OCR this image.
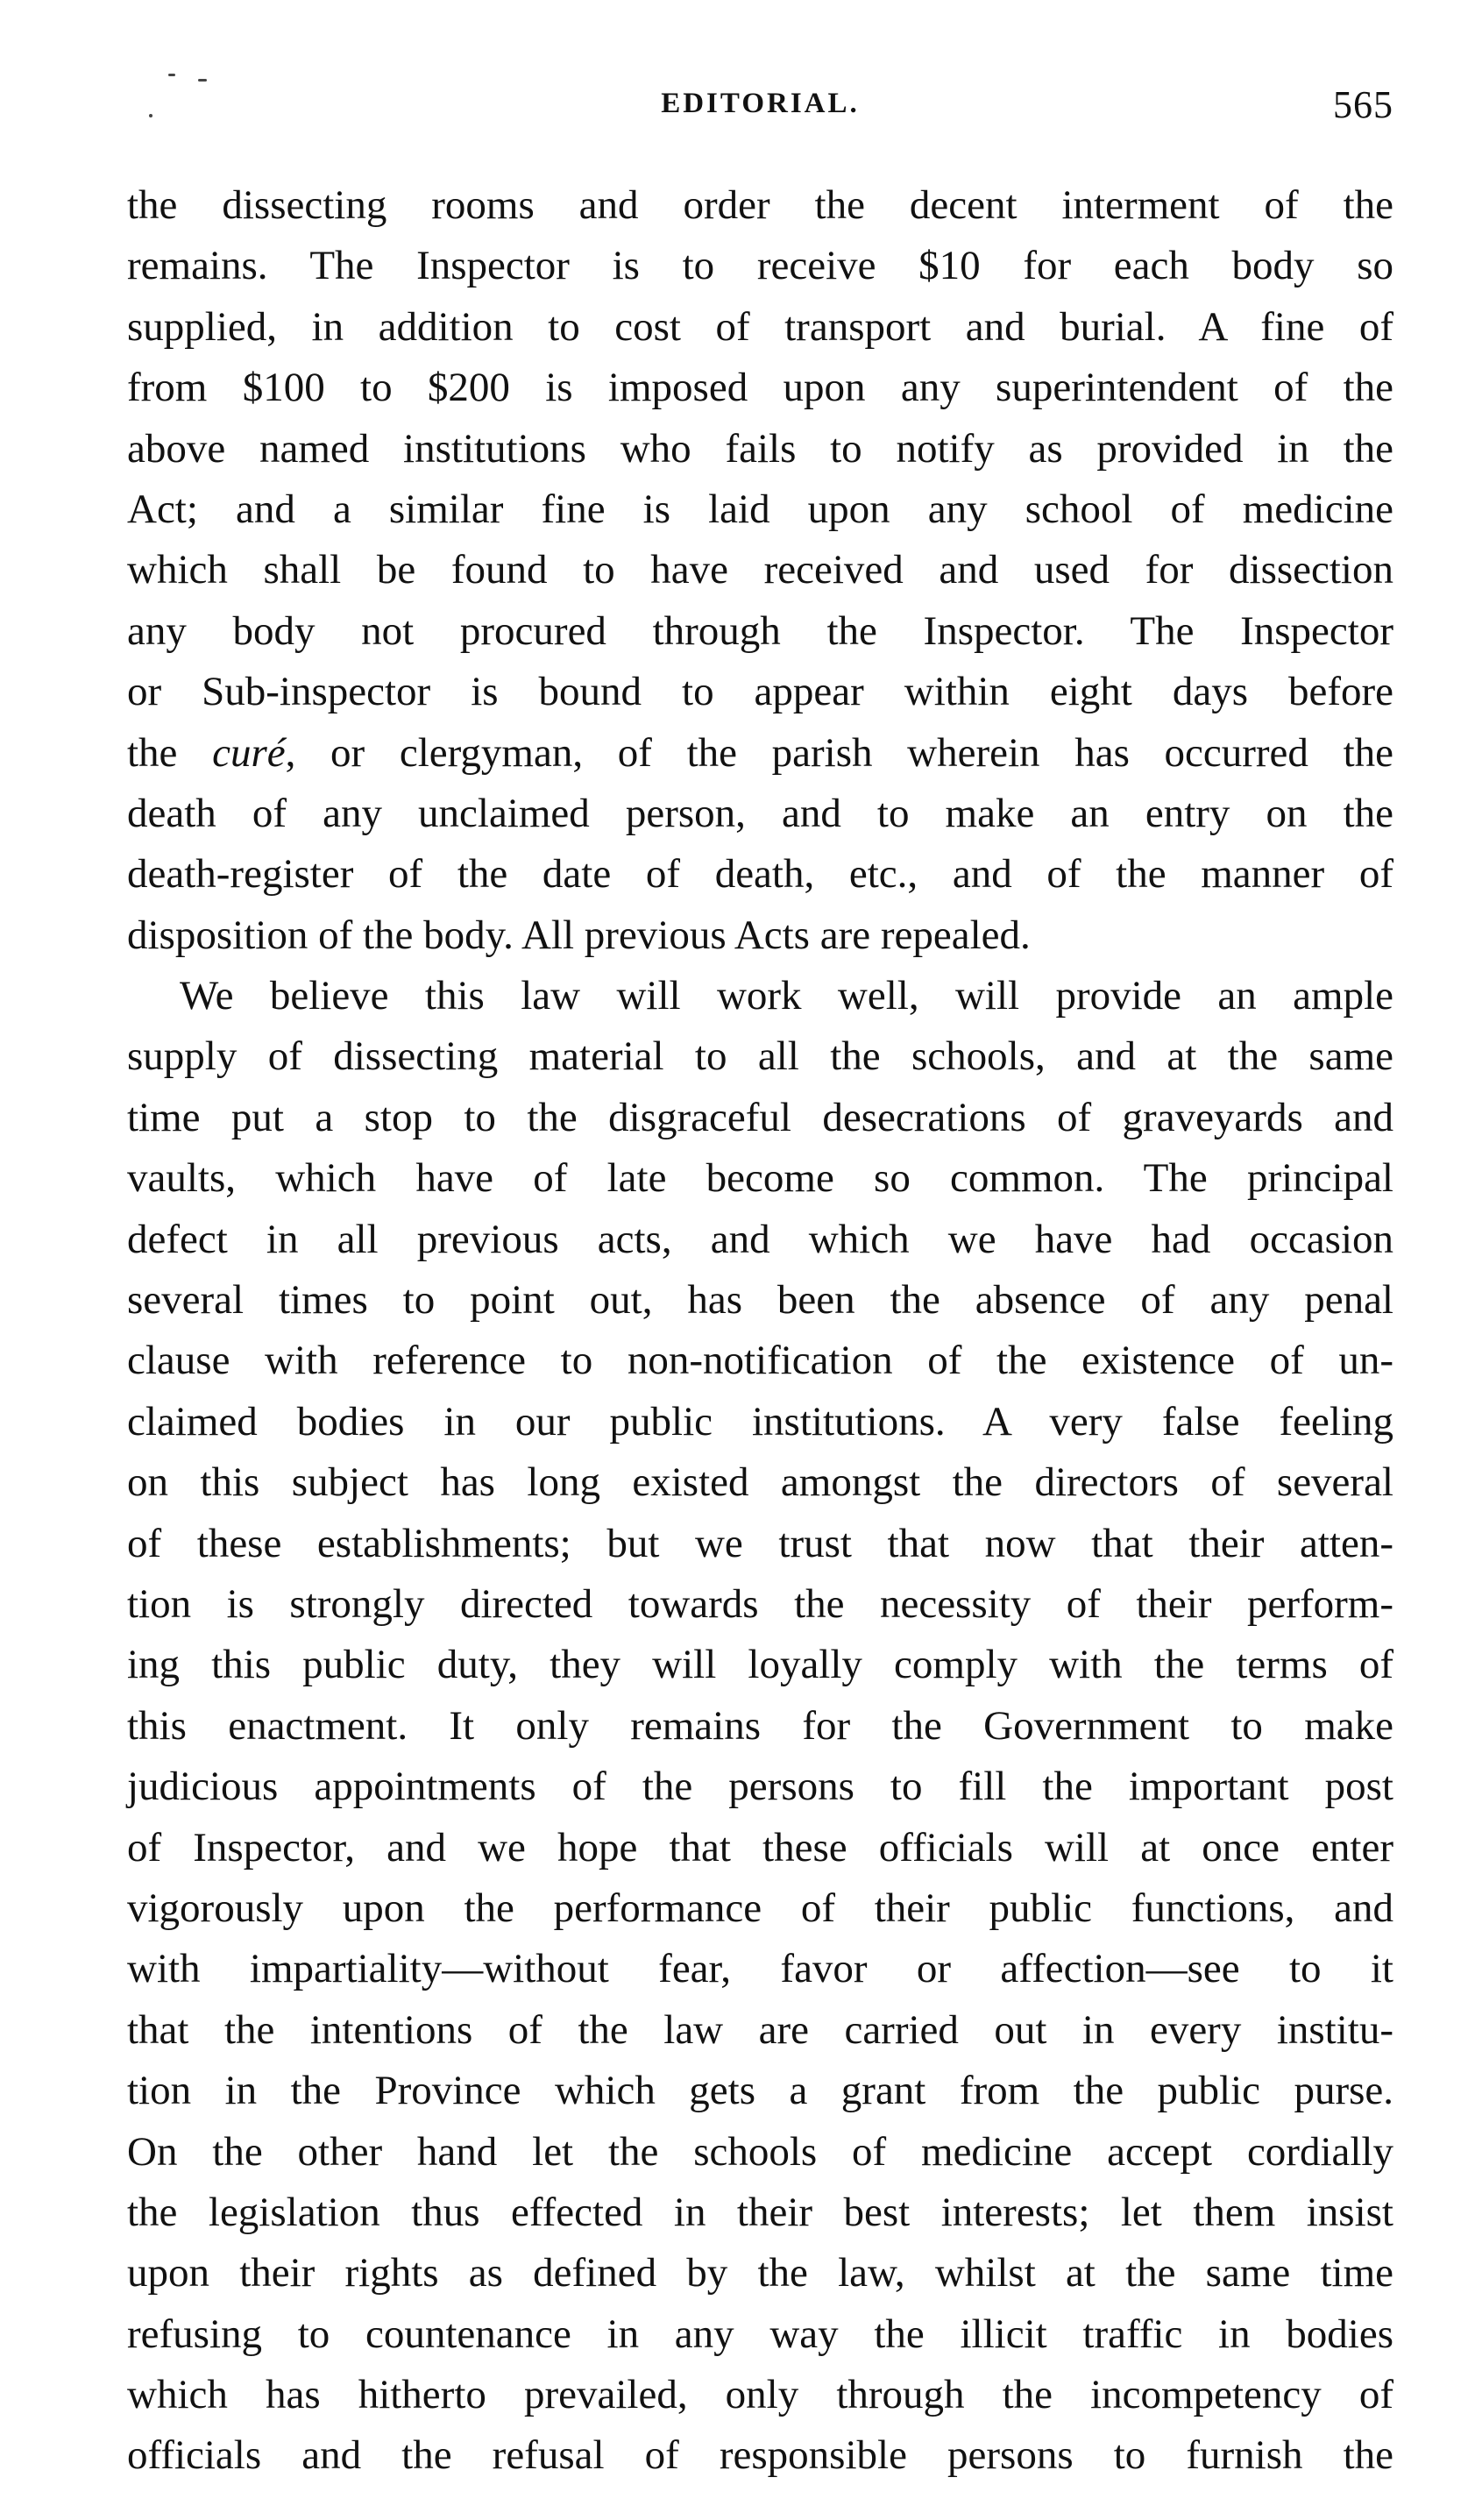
EDITORIAL.	565
the dissecting rooms and order the decent interment of the
remains. The Inspector is to receive $10 for each body so
supplied, in addition to cost of transport and burial. A fine of
from $100 to $200 is imposed upon any superintendent of the
above named institutions who fails to notify as provided in the
Act; and a similar fine is laid upon any school of medicine
which shall be found to have received and used for dissection
any body not procured through the Inspector. The Inspector
or Sub-inspector is bound to appear within eight days before
the curé, or clergyman, of the parish wherein has occurred the
death of any unclaimed person, and to make an entry on the
death-register of the date of death, etc., and of the manner of
disposition of the body. All previous Acts are repealed.
We believe this law will work well, will provide an ample
supply of dissecting material to all the schools, and at the same
time put a stop to the disgraceful desecrations of graveyards and
vaults, which have of late become so common. The principal
defect in all previous acts, and which we have had occasion
several times to point out, has been the absence of any penal
clause with reference to non-notification of the existence of un-
claimed bodies in our public institutions. A very false feeling
on this subject has long existed amongst the directors of several
of these establishments; but we trust that now that their atten-
tion is strongly directed towards the necessity of their perform-
ing this public duty, they will loyally comply with the terms of
this enactment. It only remains for the Government to make
judicious appointments of the persons to fill the important post
of Inspector, and we hope that these officials will at once enter
vigorously upon the performance of their public functions, and
with impartiality—without fear, favor or affection—see to it
that the intentions of the law are carried out in every institu-
tion in the Province which gets a grant from the public purse.
On the other hand let the schools of medicine accept cordially
the legislation thus effected in their best interests; let them insist
upon their rights as defined by the law, whilst at the same time
refusing to countenance in any way the illicit traffic in bodies
which has hitherto prevailed, only through the incompetency of
officials and the refusal of responsible persons to furnish the
